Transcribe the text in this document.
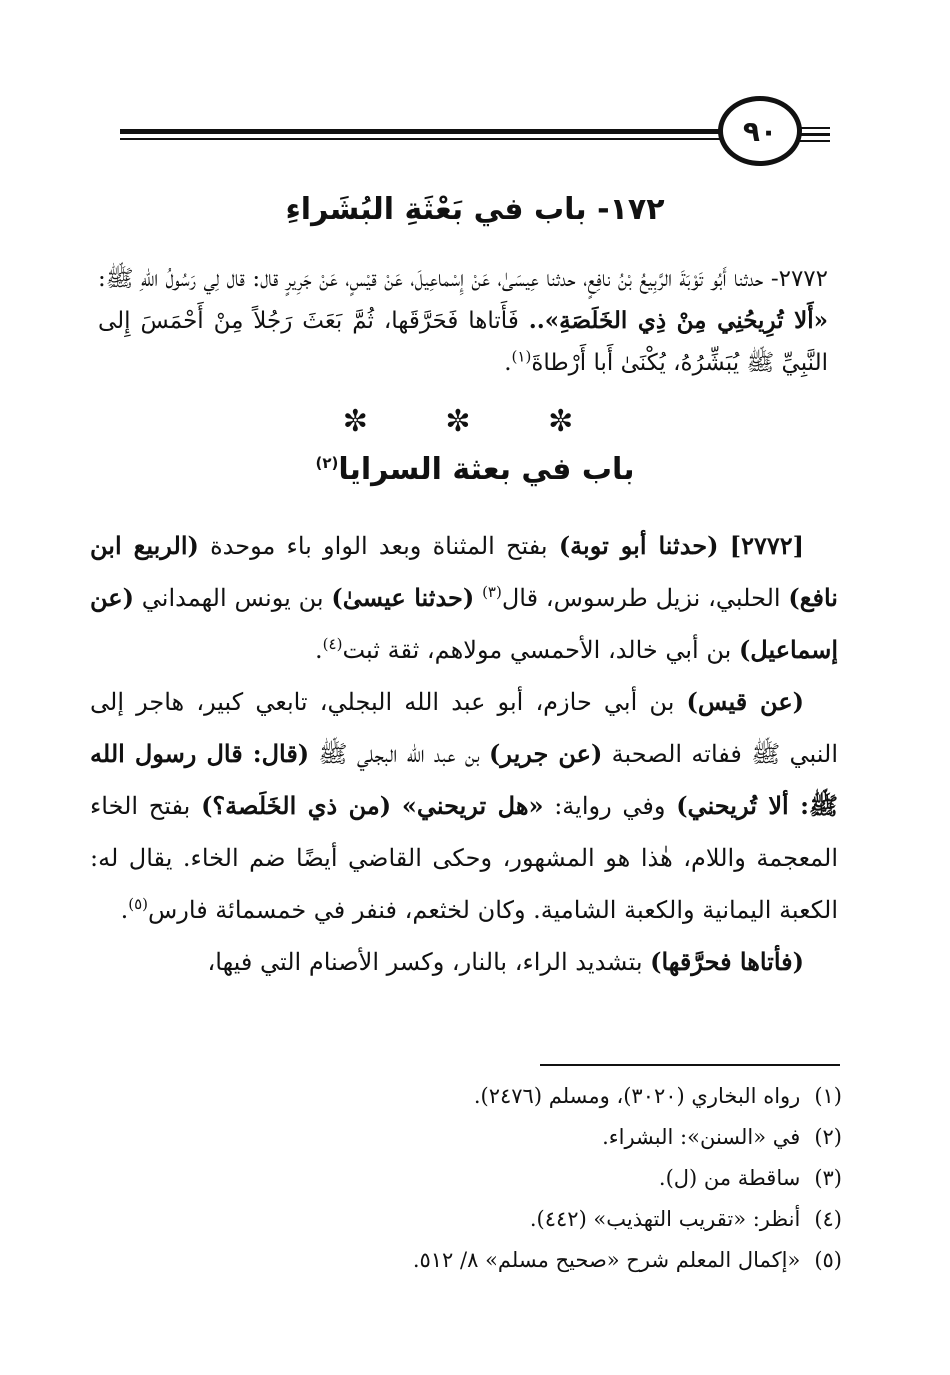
٩٠
١٧٢- باب في بَعْثَةِ البُشَراءِ
٢٧٧٢- حدثنا أَبُو تَوْبَةَ الرَّبِيعُ بْنُ نافِعٍ، حدثنا عِيسَىٰ، عَنْ إِسْماعِيلَ، عَنْ قيْسٍ، عَنْ جَرِيرٍ قال: قال لِي رَسُولُ اللهِ ﷺ: «أَلا تُرِيحُنِي مِنْ ذِي الخَلَصَةِ».. فَأَتاها فَحَرَّقَها، ثُمَّ بَعَثَ رَجُلاً مِنْ أَحْمَسَ إِلى النَّبِيِّ ﷺ يُبَشِّرُهُ، يُكْنَىٰ أَبا أَرْطاةَ$^{(١)}$.
✼ ✼ ✼
باب في بعثة السرايا$^{(٢)}$

[٢٧٧٢] (حدثنا أبو توبة) بفتح المثناة وبعد الواو باء موحدة (الربيع ابن نافع) الحلبي، نزيل طرسوس، قال$^{(٣)}$ (حدثنا عيسىٰ) بن يونس الهمداني (عن إسماعيل) بن أبي خالد، الأحمسي مولاهم، ثقة ثبت$^{(٤)}$.

(عن قيس) بن أبي حازم، أبو عبد الله البجلي، تابعي كبير، هاجر إلى النبي ﷺ ففاته الصحبة (عن جرير) بن عبد الله البجلي ﷺ (قال: قال رسول الله ﷺ: ألا تُريحني) وفي رواية: «هل تريحني» (من ذي الخَلَصة؟) بفتح الخاء المعجمة واللام، هٰذا هو المشهور، وحكى القاضي أيضًا ضم الخاء. يقال له: الكعبة اليمانية والكعبة الشامية. وكان لخثعم، فنفر في خمسمائة فارس$^{(٥)}$.

(فأتاها فحرَّقها) بتشديد الراء، بالنار، وكسر الأصنام التي فيها،

(١)رواه البخاري (٣٠٢٠)، ومسلم (٢٤٧٦).
(٢)في «السنن»: البشراء.
(٣)ساقطة من (ل).
(٤)أنظر: «تقريب التهذيب» (٤٤٢).
(٥)«إكمال المعلم شرح «صحيح مسلم» ٨/ ٥١٢.
